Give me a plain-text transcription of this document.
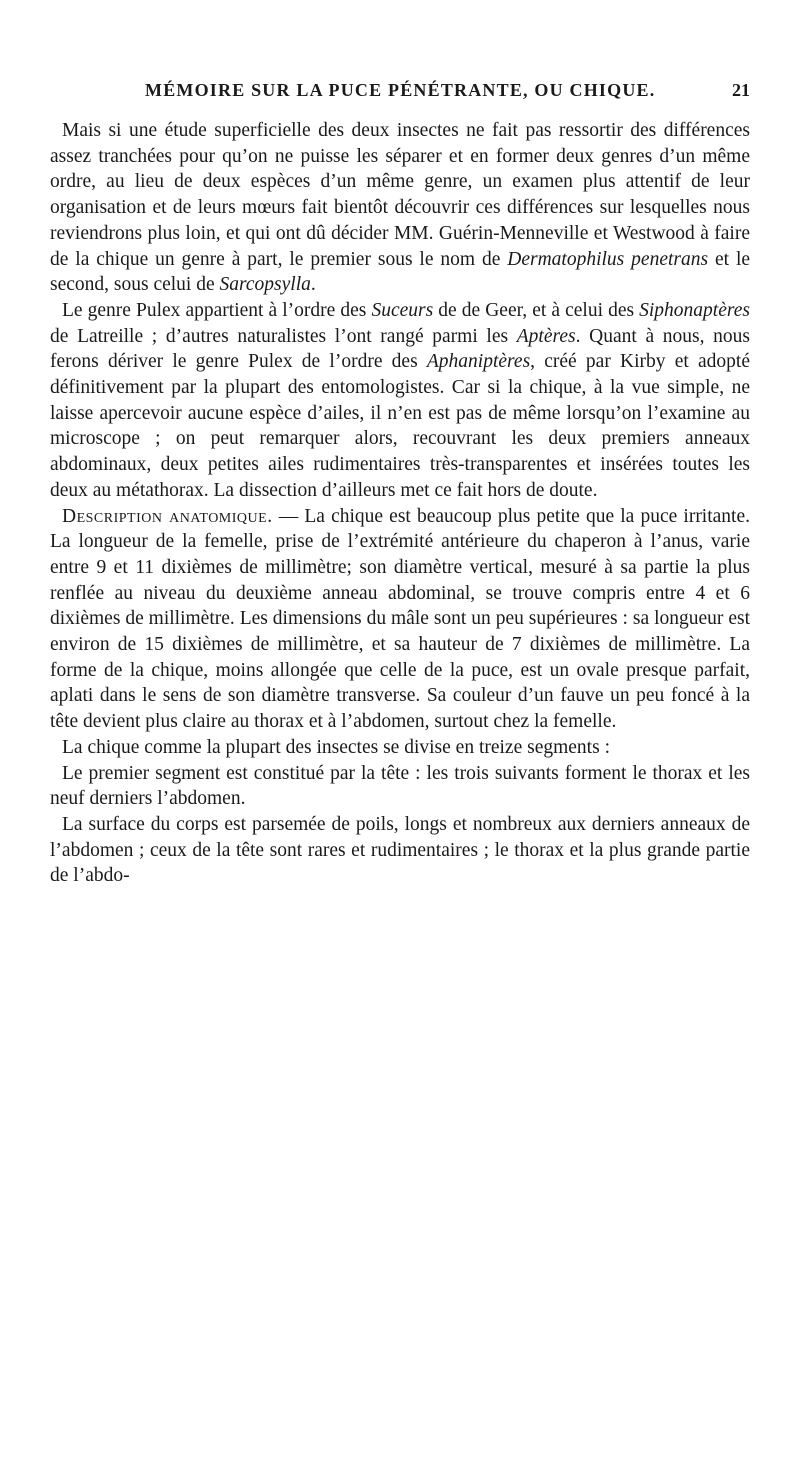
MÉMOIRE SUR LA PUCE PÉNÉTRANTE, OU CHIQUE.	21

Mais si une étude superficielle des deux insectes ne fait pas ressortir des différences assez tranchées pour qu’on ne puisse les séparer et en former deux genres d’un même ordre, au lieu de deux espèces d’un même genre, un examen plus attentif de leur organisation et de leurs mœurs fait bientôt découvrir ces différences sur lesquelles nous reviendrons plus loin, et qui ont dû décider MM. Guérin-Menneville et Westwood à faire de la chique un genre à part, le premier sous le nom de Dermatophilus penetrans et le second, sous celui de Sarcopsylla.

Le genre Pulex appartient à l’ordre des Suceurs de de Geer, et à celui des Siphonaptères de Latreille ; d’autres naturalistes l’ont rangé parmi les Aptères. Quant à nous, nous ferons dériver le genre Pulex de l’ordre des Aphaniptères, créé par Kirby et adopté définitivement par la plupart des entomologistes. Car si la chique, à la vue simple, ne laisse apercevoir aucune espèce d’ailes, il n’en est pas de même lorsqu’on l’examine au microscope ; on peut remarquer alors, recouvrant les deux premiers anneaux abdominaux, deux petites ailes rudimentaires très-transparentes et insérées toutes les deux au métathorax. La dissection d’ailleurs met ce fait hors de doute.

Description anatomique. — La chique est beaucoup plus petite que la puce irritante. La longueur de la femelle, prise de l’extrémité antérieure du chaperon à l’anus, varie entre 9 et 11 dixièmes de millimètre; son diamètre vertical, mesuré à sa partie la plus renflée au niveau du deuxième anneau abdominal, se trouve compris entre 4 et 6 dixièmes de millimètre. Les dimensions du mâle sont un peu supérieures : sa longueur est environ de 15 dixièmes de millimètre, et sa hauteur de 7 dixièmes de millimètre. La forme de la chique, moins allongée que celle de la puce, est un ovale presque parfait, aplati dans le sens de son diamètre transverse. Sa couleur d’un fauve un peu foncé à la tête devient plus claire au thorax et à l’abdomen, surtout chez la femelle.

La chique comme la plupart des insectes se divise en treize segments :

Le premier segment est constitué par la tête : les trois suivants forment le thorax et les neuf derniers l’abdomen.

La surface du corps est parsemée de poils, longs et nombreux aux derniers anneaux de l’abdomen ; ceux de la tête sont rares et rudimentaires ; le thorax et la plus grande partie de l’abdo-
